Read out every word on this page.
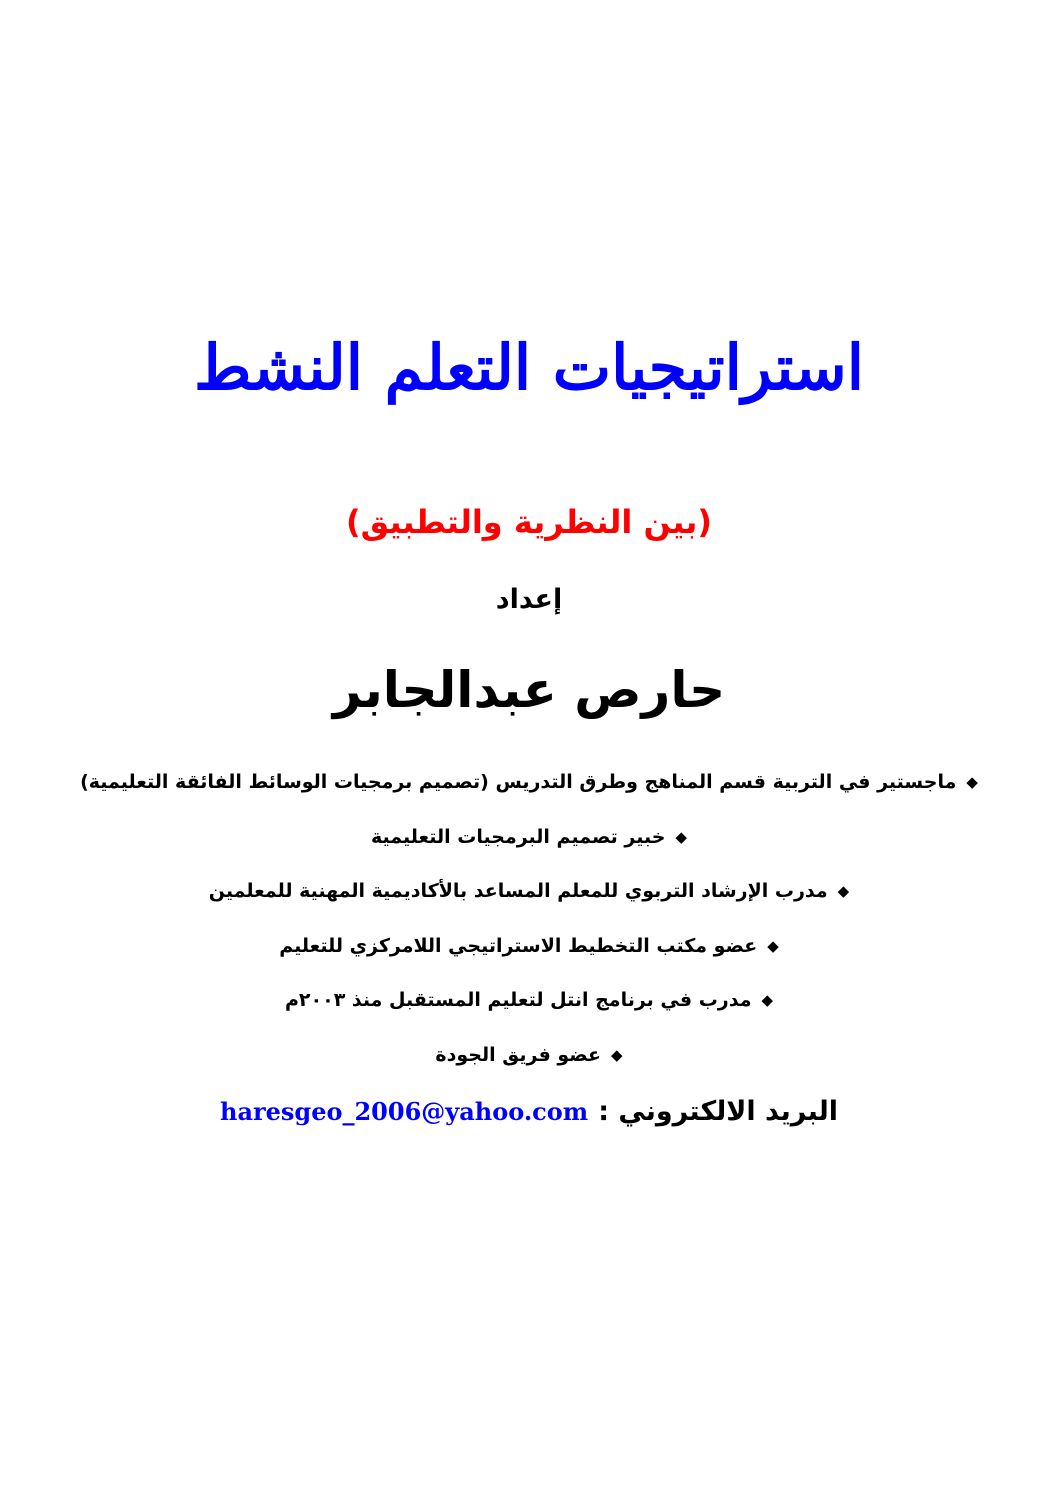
استراتيجيات التعلم النشط
(بين النظرية والتطبيق)
إعداد
حارص عبدالجابر
◆ماجستير في التربية قسم المناهج وطرق التدريس (تصميم برمجيات الوسائط الفائقة التعليمية)
◆خبير تصميم البرمجيات التعليمية
◆مدرب الإرشاد التربوي للمعلم المساعد بالأكاديمية المهنية للمعلمين
◆عضو مكتب التخطيط الاستراتيجي اللامركزي للتعليم
◆مدرب في برنامج انتل لتعليم المستقبل منذ ٢٠٠٣م
◆عضو فريق الجودة
البريد الالكتروني :haresgeo_2006@yahoo.com
